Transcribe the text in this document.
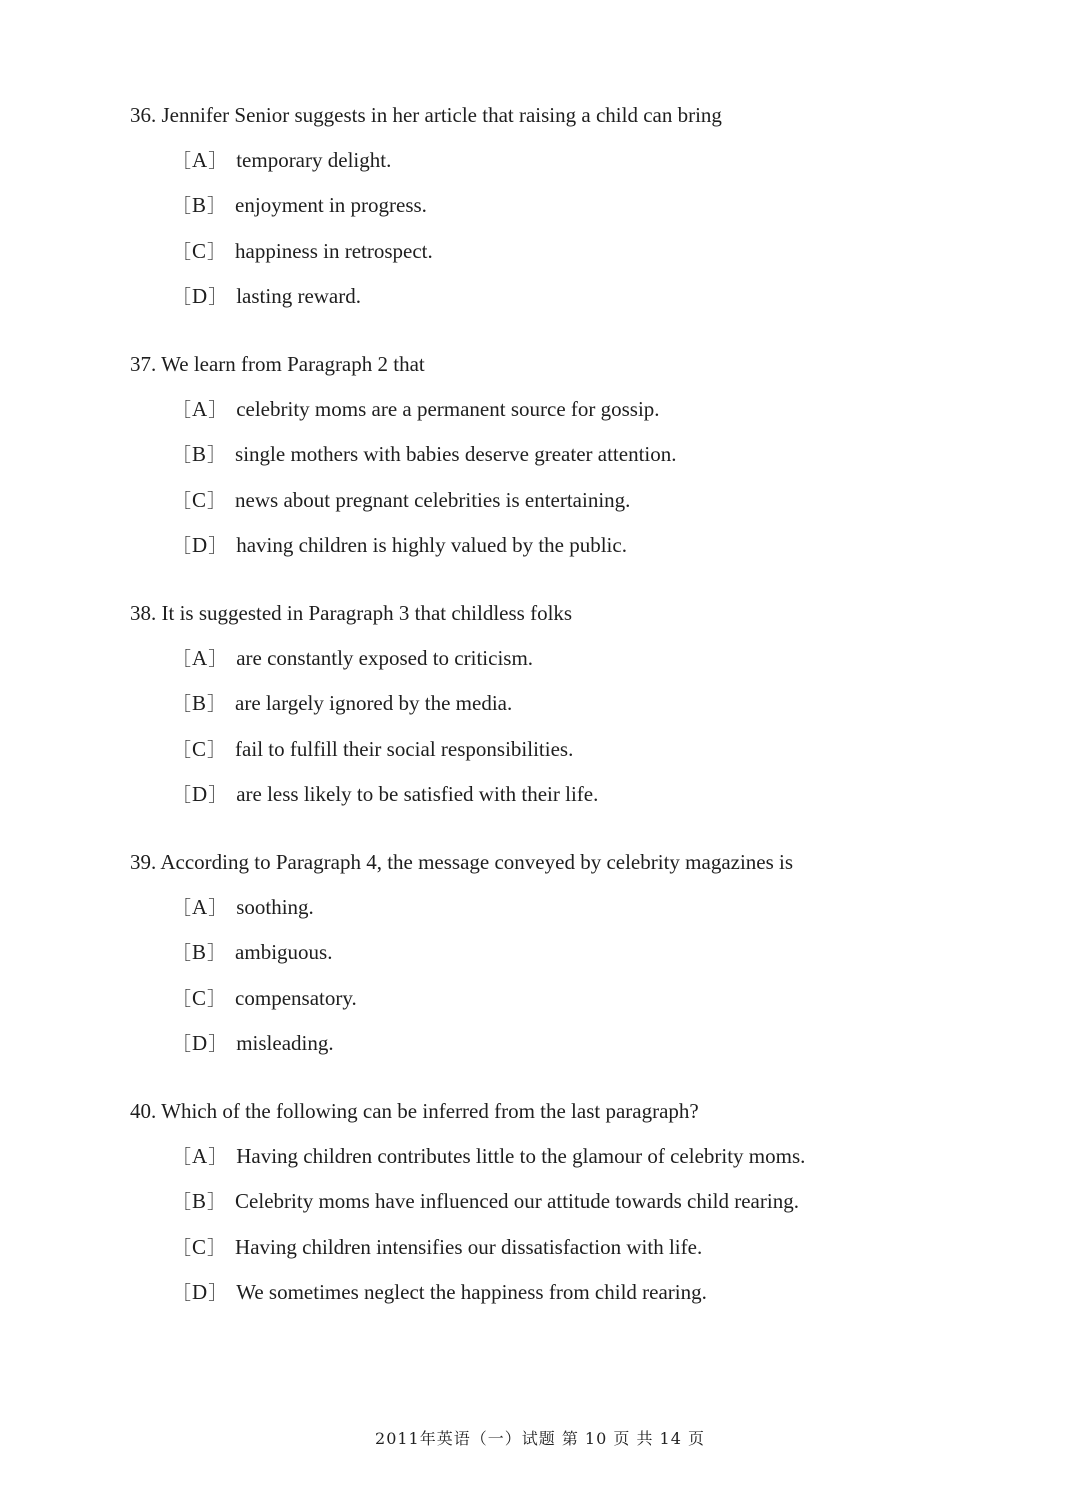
36 . Jennifer Senior suggests in her article that raising a child can bring
［A］ temporary delight.
［B］ enjoyment in progress.
［C］ happiness in retrospect.
［D］ lasting reward.
37 . We learn from Paragraph 2 that
［A］ celebrity moms are a permanent source for gossip.
［B］ single mothers with babies deserve greater attention.
［C］ news about pregnant celebrities is entertaining.
［D］ having children is highly valued by the public.
38 . It is suggested in Paragraph 3 that childless folks
［A］ are constantly exposed to criticism.
［B］ are largely ignored by the media.
［C］ fail to fulfill their social responsibilities.
［D］ are less likely to be satisfied with their life.
39 . According to Paragraph 4, the message conveyed by celebrity magazines is
［A］ soothing.
［B］ ambiguous.
［C］ compensatory.
［D］ misleading.
40 . Which of the following can be inferred from the last paragraph?
［A］ Having children contributes little to the glamour of celebrity moms.
［B］ Celebrity moms have influenced our attitude towards child rearing.
［C］ Having children intensifies our dissatisfaction with life.
［D］ We sometimes neglect the happiness from child rearing.
2011年英语（一）试题 第 10 页 共 14 页
